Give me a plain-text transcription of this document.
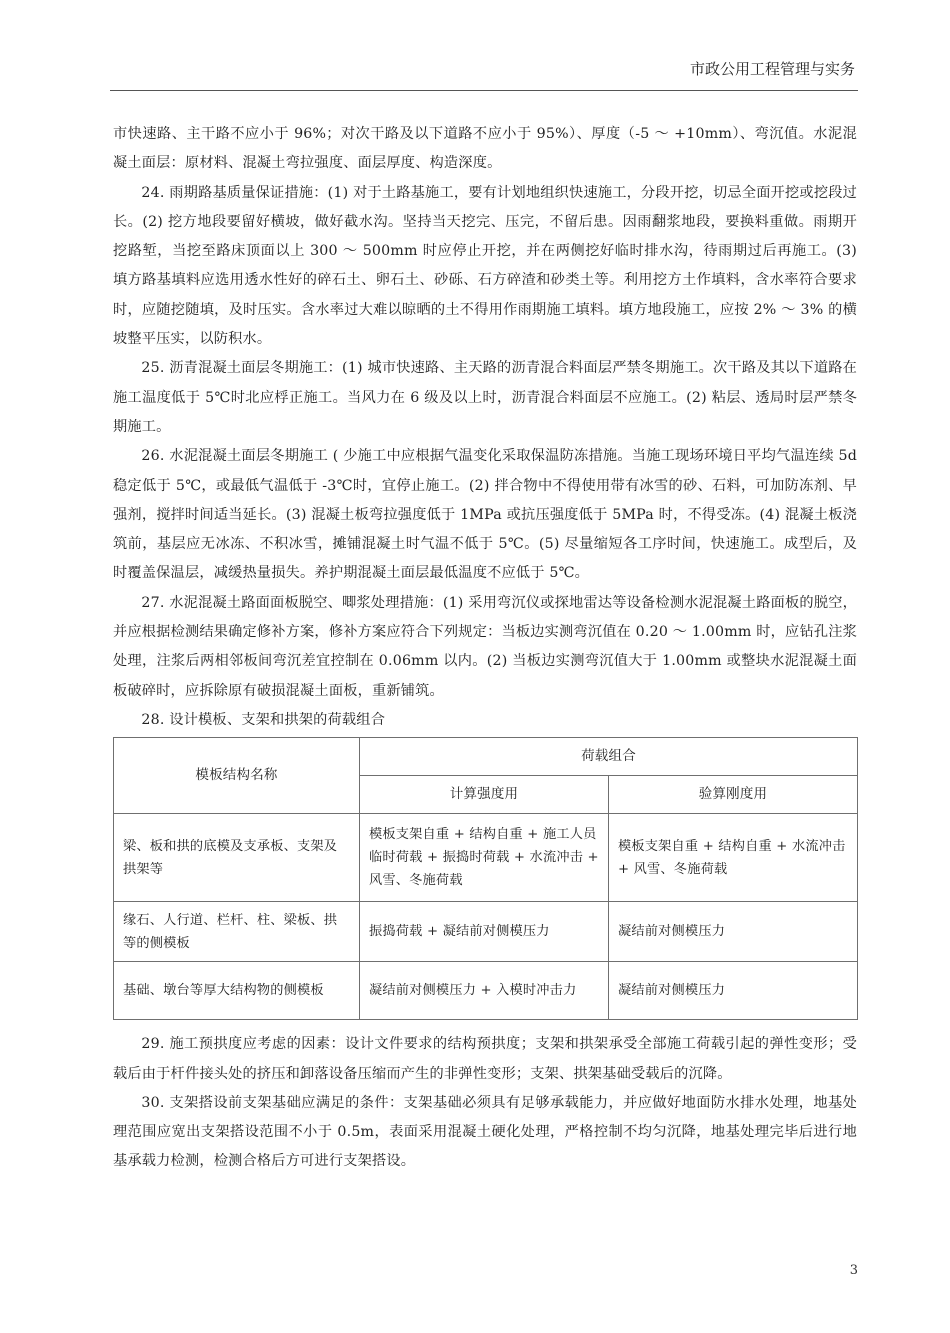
市政公用工程管理与实务

市快速路、主干路不应小于 96%；对次干路及以下道路不应小于 95%）、厚度（-5 ～ +10mm）、弯沉值。水泥混凝土面层：原材料、混凝土弯拉强度、面层厚度、构造深度。

24. 雨期路基质量保证措施：(1) 对于土路基施工，要有计划地组织快速施工，分段开挖，切忌全面开挖或挖段过长。(2) 挖方地段要留好横坡，做好截水沟。坚持当天挖完、压完，不留后患。因雨翻浆地段，要换料重做。雨期开挖路堑，当挖至路床顶面以上 300 ～ 500mm 时应停止开挖，并在两侧挖好临时排水沟，待雨期过后再施工。(3) 填方路基填料应选用透水性好的碎石土、卵石土、砂砾、石方碎渣和砂类土等。利用挖方土作填料，含水率符合要求时，应随挖随填，及时压实。含水率过大难以晾晒的土不得用作雨期施工填料。填方地段施工，应按 2% ～ 3% 的横坡整平压实，以防积水。

25. 沥青混凝土面层冬期施工：(1) 城市快速路、主天路的沥青混合料面层严禁冬期施工。次干路及其以下道路在施工温度低于 5℃时北应桴正施工。当风力在 6 级及以上时，沥青混合料面层不应施工。(2) 粘层、透局时层严禁冬期施工。

26. 水泥混凝土面层冬期施工 ( 少施工中应根据气温变化采取保温防冻措施。当施工现场环境日平均气温连续 5d 稳定低于 5℃，或最低气温低于 -3℃时，宜停止施工。(2) 拌合物中不得使用带有冰雪的砂、石料，可加防冻剂、早强剂，搅拌时间适当延长。(3) 混凝土板弯拉强度低于 1MPa 或抗压强度低于 5MPa 时，不得受冻。(4) 混凝土板浇筑前，基层应无冰冻、不积冰雪，摊铺混凝土时气温不低于 5℃。(5) 尽量缩短各工序时间，快速施工。成型后，及时覆盖保温层，减缓热量损失。养护期混凝土面层最低温度不应低于 5℃。

27. 水泥混凝土路面面板脱空、唧浆处理措施：(1) 采用弯沉仪或探地雷达等设备检测水泥混凝土路面板的脱空，并应根据检测结果确定修补方案，修补方案应符合下列规定：当板边实测弯沉值在 0.20 ～ 1.00mm 时，应钻孔注浆处理，注浆后两相邻板间弯沉差宜控制在 0.06mm 以内。(2) 当板边实测弯沉值大于 1.00mm 或整块水泥混凝土面板破碎时，应拆除原有破损混凝土面板，重新铺筑。

28. 设计模板、支架和拱架的荷载组合

模板结构名称	荷载组合	
	计算强度用	验算刚度用
梁、板和拱的底模及支承板、支架及拱架等	模板支架自重 + 结构自重 + 施工人员临时荷载 + 振捣时荷载 + 水流冲击 + 风雪、冬施荷载	模板支架自重 + 结构自重 + 水流冲击 + 风雪、冬施荷载
缘石、人行道、栏杆、柱、梁板、拱等的侧模板	振捣荷载 + 凝结前对侧模压力	凝结前对侧模压力
基础、墩台等厚大结构物的侧模板	凝结前对侧模压力 + 入模时冲击力	凝结前对侧模压力

29. 施工预拱度应考虑的因素：设计文件要求的结构预拱度；支架和拱架承受全部施工荷载引起的弹性变形；受载后由于杆件接头处的挤压和卸落设备压缩而产生的非弹性变形；支架、拱架基础受载后的沉降。

30. 支架搭设前支架基础应满足的条件：支架基础必须具有足够承载能力，并应做好地面防水排水处理，地基处理范围应宽出支架搭设范围不小于 0.5m，表面采用混凝土硬化处理，严格控制不均匀沉降，地基处理完毕后进行地基承载力检测，检测合格后方可进行支架搭设。

3
